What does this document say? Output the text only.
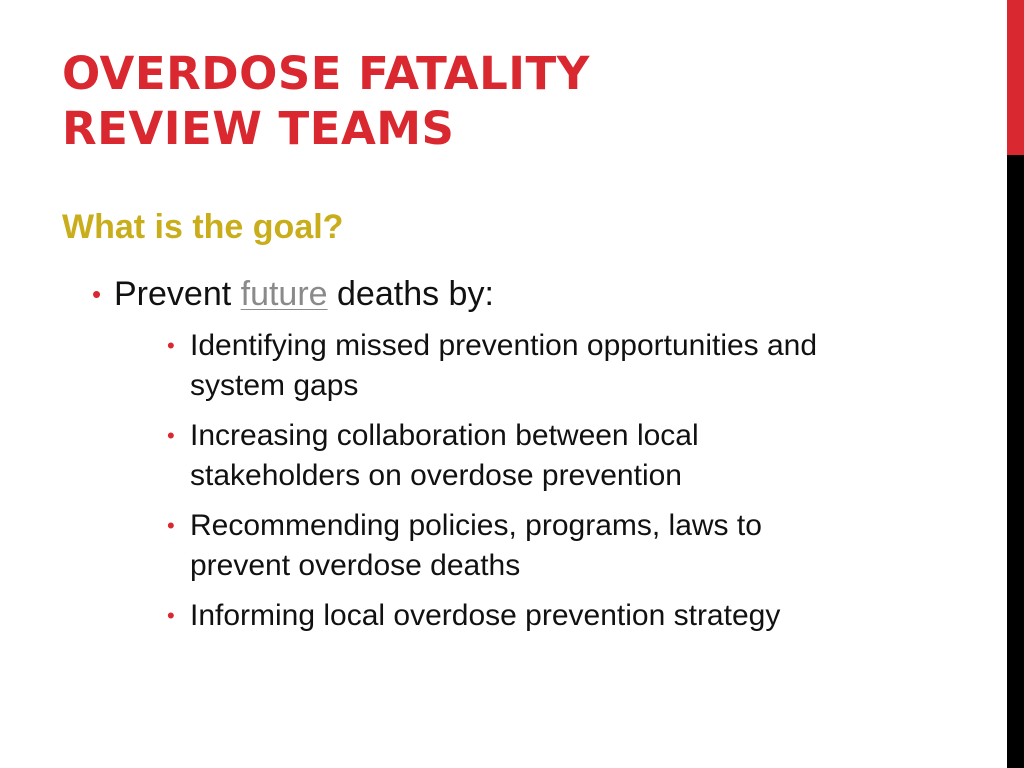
OVERDOSE FATALITY
REVIEW TEAMS
What is the goal?
• Prevent future deaths by:
• Identifying missed prevention opportunities and system gaps
• Increasing collaboration between local stakeholders on overdose prevention
• Recommending policies, programs, laws to prevent overdose deaths
• Informing local overdose prevention strategy
